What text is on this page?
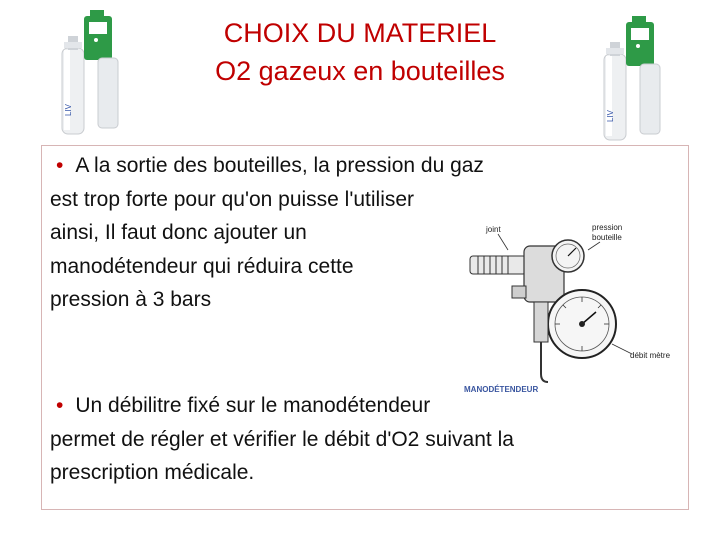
CHOIX DU MATERIEL
O2 gazeux en bouteilles
LIV	LIV
joint	pression
bouteille
débit mètre
MANODÉTENDEUR

• A la sortie des bouteilles, la pression du gaz
est trop forte pour qu'on puisse l'utiliser
ainsi, Il faut donc ajouter un
manodétendeur qui réduira cette
pression à 3 bars

• Un débilitre fixé sur le manodétendeur
permet de régler et vérifier le débit d'O2 suivant la
prescription médicale.
